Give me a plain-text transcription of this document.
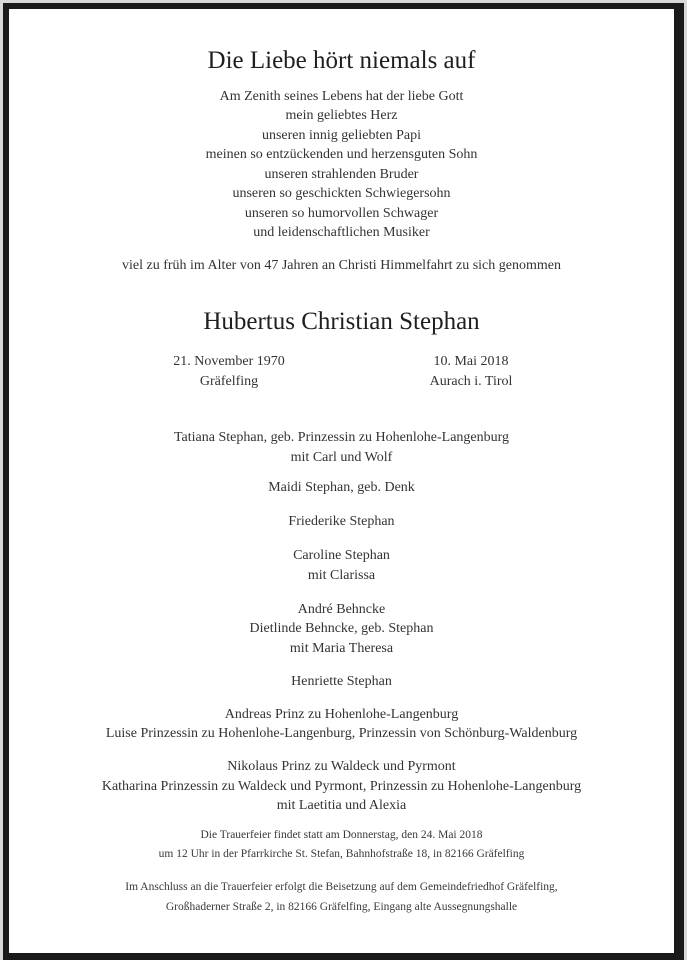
Die Liebe hört niemals auf
Am Zenith seines Lebens hat der liebe Gott
mein geliebtes Herz
unseren innig geliebten Papi
meinen so entzückenden und herzensguten Sohn
unseren strahlenden Bruder
unseren so geschickten Schwiegersohn
unseren so humorvollen Schwager
und leidenschaftlichen Musiker
viel zu früh im Alter von 47 Jahren an Christi Himmelfahrt zu sich genommen
Hubertus Christian Stephan
21. November 1970
Gräfelfing
10. Mai 2018
Aurach i. Tirol
Tatiana Stephan, geb. Prinzessin zu Hohenlohe-Langenburg
mit Carl und Wolf
Maidi Stephan, geb. Denk
Friederike Stephan
Caroline Stephan
mit Clarissa
André Behncke
Dietlinde Behncke, geb. Stephan
mit Maria Theresa
Henriette Stephan
Andreas Prinz zu Hohenlohe-Langenburg
Luise Prinzessin zu Hohenlohe-Langenburg, Prinzessin von Schönburg-Waldenburg
Nikolaus Prinz zu Waldeck und Pyrmont
Katharina Prinzessin zu Waldeck und Pyrmont, Prinzessin zu Hohenlohe-Langenburg
mit Laetitia und Alexia
Die Trauerfeier findet statt am Donnerstag, den 24. Mai 2018
um 12 Uhr in der Pfarrkirche St. Stefan, Bahnhofstraße 18, in 82166 Gräfelfing
Im Anschluss an die Trauerfeier erfolgt die Beisetzung auf dem Gemeindefriedhof Gräfelfing,
Großhaderner Straße 2, in 82166 Gräfelfing, Eingang alte Aussegnungshalle
